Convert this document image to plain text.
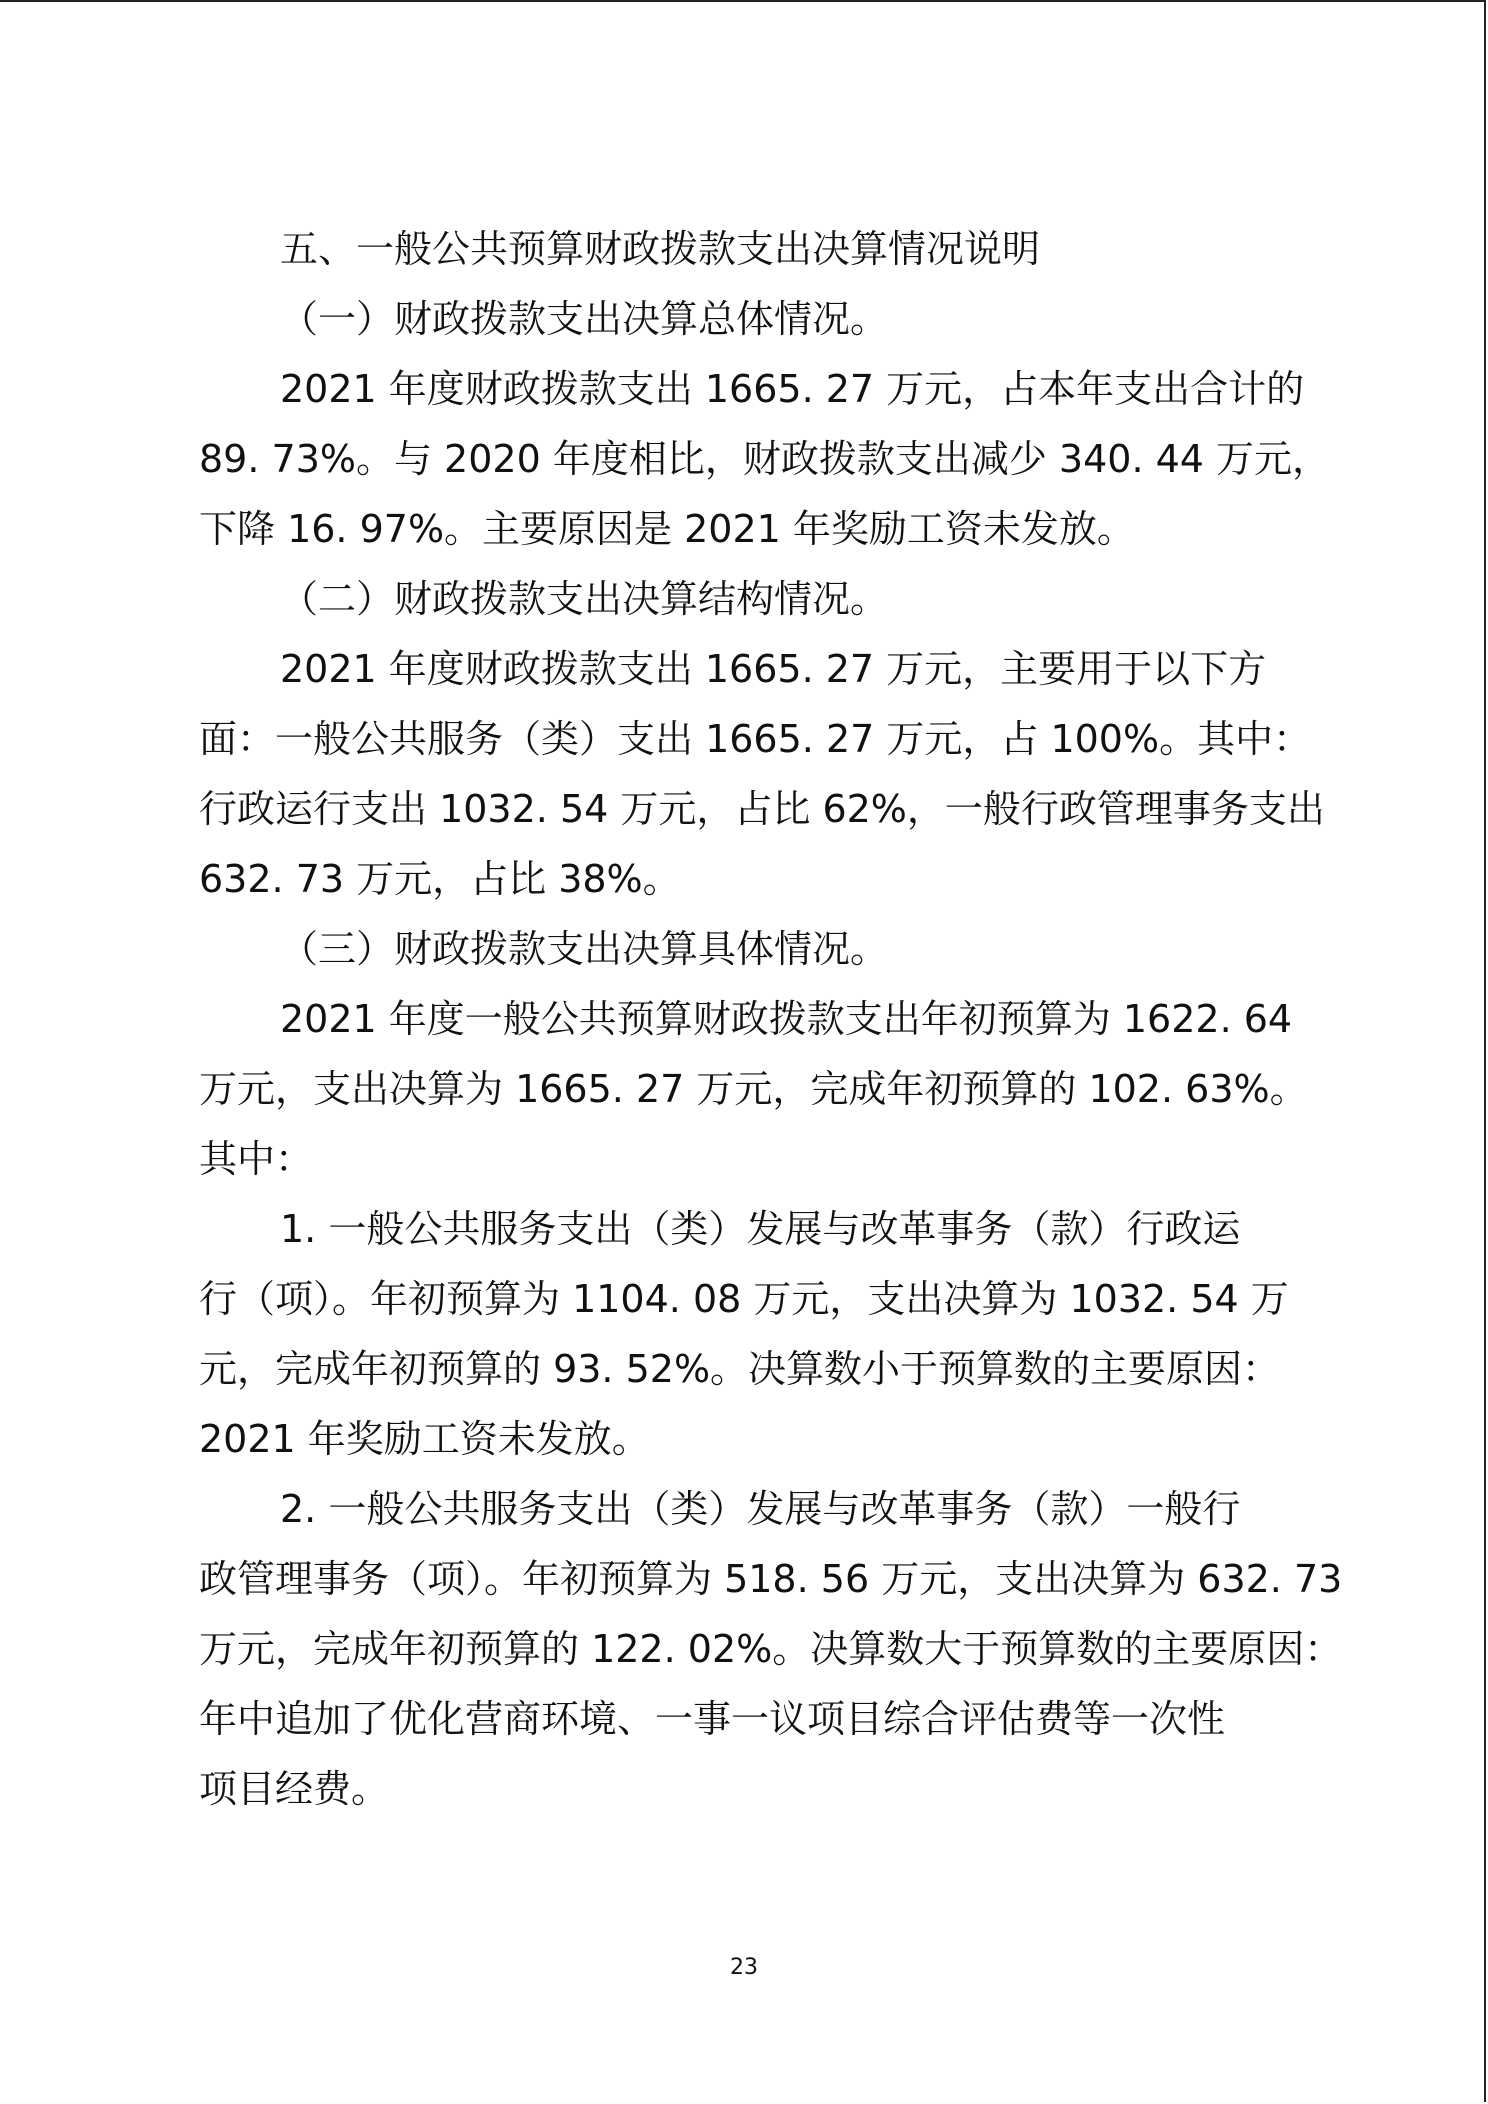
五、一般公共预算财政拨款支出决算情况说明

（一）财政拨款支出决算总体情况。

2021 年度财政拨款支出 1665. 27 万元，占本年支出合计的

89. 73%。与 2020 年度相比，财政拨款支出减少 340. 44 万元，

下降 16. 97%。主要原因是 2021 年奖励工资未发放。

（二）财政拨款支出决算结构情况。

2021 年度财政拨款支出 1665. 27 万元，主要用于以下方

面：一般公共服务（类）支出 1665. 27 万元，占 100%。其中：

行政运行支出 1032. 54 万元，占比 62%，一般行政管理事务支出

632. 73 万元，占比 38%。

（三）财政拨款支出决算具体情况。

2021 年度一般公共预算财政拨款支出年初预算为 1622. 64

万元，支出决算为 1665. 27 万元，完成年初预算的 102. 63%。

其中：

1. 一般公共服务支出（类）发展与改革事务（款）行政运

行（项）。年初预算为 1104. 08 万元，支出决算为 1032. 54 万

元，完成年初预算的 93. 52%。决算数小于预算数的主要原因：

2021 年奖励工资未发放。

2. 一般公共服务支出（类）发展与改革事务（款）一般行

政管理事务（项）。年初预算为 518. 56 万元，支出决算为 632. 73

万元，完成年初预算的 122. 02%。决算数大于预算数的主要原因：

年中追加了优化营商环境、一事一议项目综合评估费等一次性

项目经费。

23
